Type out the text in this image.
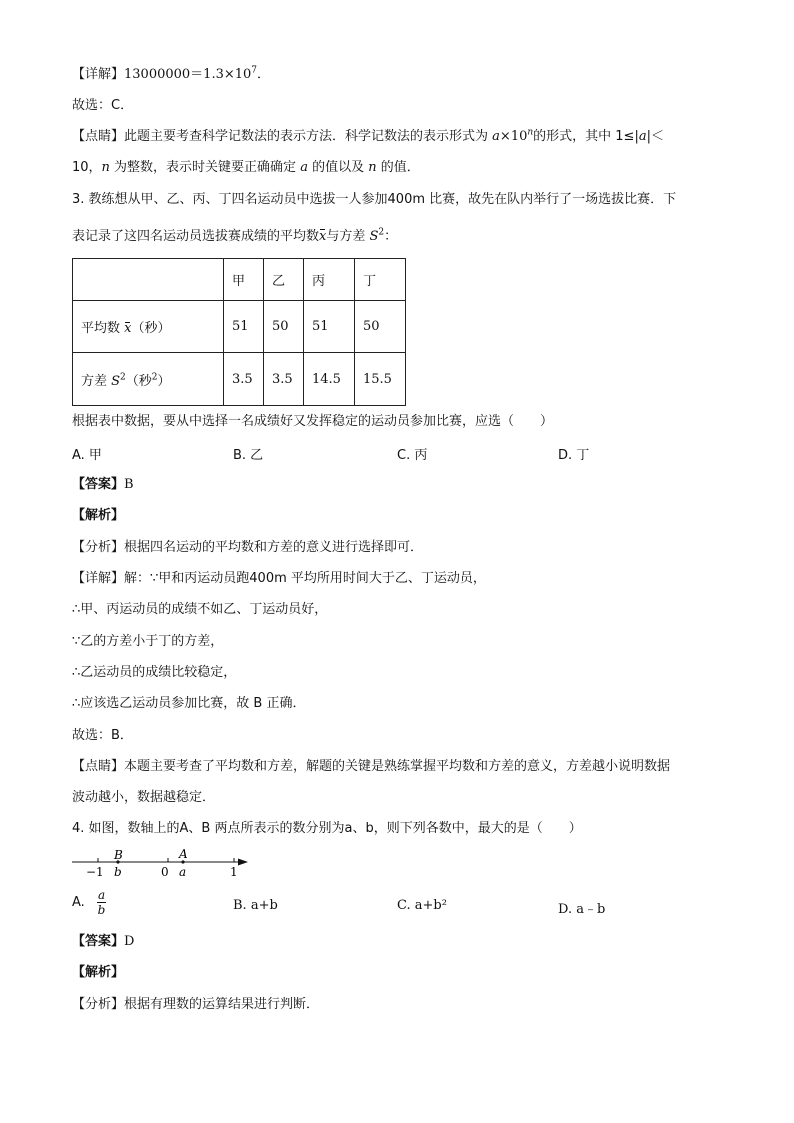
【详解】$13000000=1.3\times 10^7$．
故选：C．
【点睛】此题主要考查科学记数法的表示方法．科学记数法的表示形式为 $a\times 10^n$的形式，其中 1≤|a|＜
10，n 为整数，表示时关键要正确确定 a 的值以及 n 的值．
3. 教练想从甲、乙、丙、丁四名运动员中选拔一人参加400m 比赛，故先在队内举行了一场选拔比赛．下
表记录了这四名运动员选拔赛成绩的平均数x与方差 $S^2$：
	甲	乙	丙	丁
平均数 x（秒）	51	50	51	50
方差 $S^2$（秒$^2$）	3.5	3.5	14.5	15.5
根据表中数据，要从中选择一名成绩好又发挥稳定的运动员参加比赛，应选（　　）
A. 甲	B. 乙	C. 丙	D. 丁
【答案】B
【解析】
【分析】根据四名运动的平均数和方差的意义进行选择即可．
【详解】解：∵甲和丙运动员跑400m 平均所用时间大于乙、丁运动员，
∴甲、丙运动员的成绩不如乙、丁运动员好，
∵乙的方差小于丁的方差，
∴乙运动员的成绩比较稳定，
∴应该选乙运动员参加比赛，故 B 正确．
故选：B．
【点睛】本题主要考查了平均数和方差，解题的关键是熟练掌握平均数和方差的意义，方差越小说明数据
波动越小，数据越稳定．
4. 如图，数轴上的A、B 两点所表示的数分别为a、b，则下列各数中，最大的是（　　）
B	A
−1 b	0 a	1
A. $\frac{a}{b}$	B. a+b	C. a+b²	D. a﹣b
【答案】D
【解析】
【分析】根据有理数的运算结果进行判断．
